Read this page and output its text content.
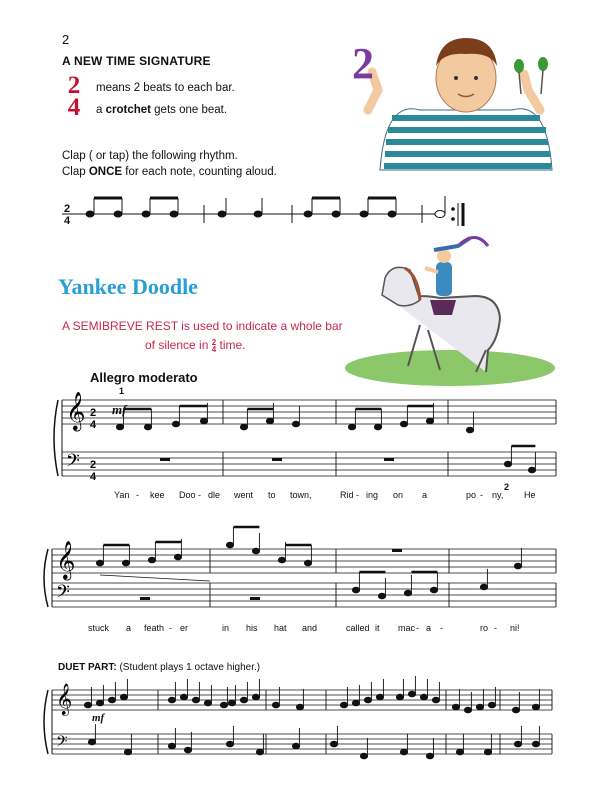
2
A NEW TIME SIGNATURE
2
4
means 2 beats to each bar.
a crotchet gets one beat.
Clap ( or tap) the following rhythm.
Clap ONCE for each note, counting aloud.
2
2
4
Yankee Doodle
A SEMIBREVE REST is used to indicate a whole bar
of silence in 2
4 time.
Allegro moderato
𝄞
𝄢
2
4
2
4
𝄞
𝄢
𝄞
𝄢
mf
1
2
Yan - kee Doo - dle went to town,	Rid - ing on a	po - ny, He
stuck a feath - er	in his hat and	called it mac - a -	ro - ni!
DUET PART: (Student plays 1 octave higher.)
mf
